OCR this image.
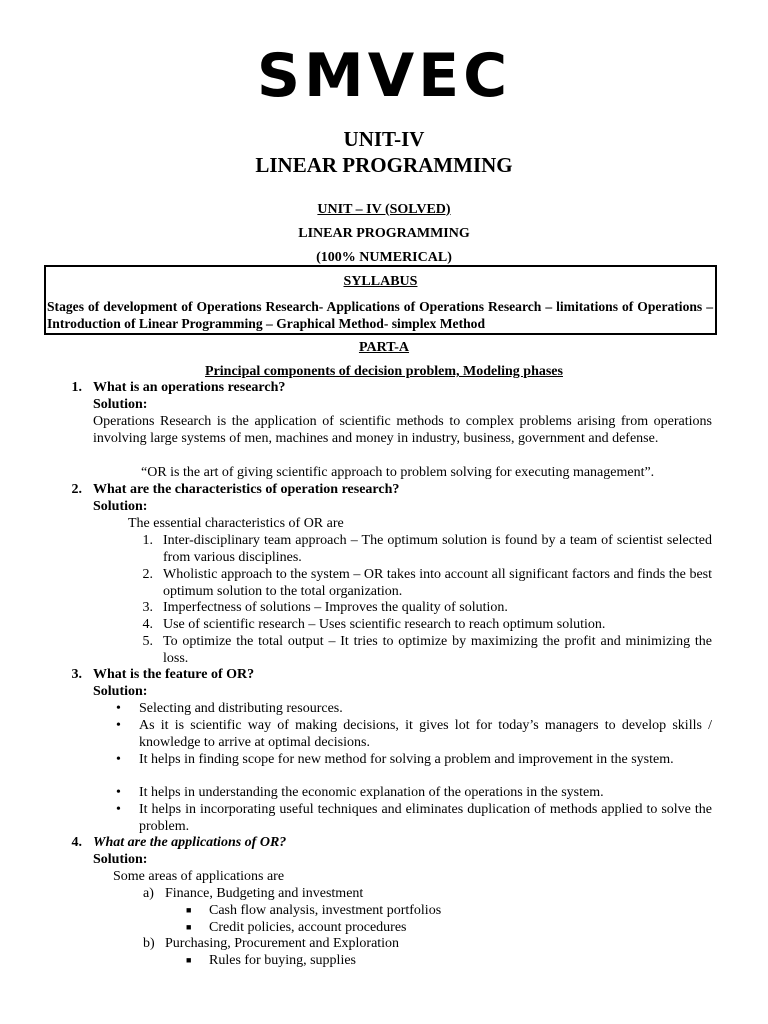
SMVEC
UNIT-IV
LINEAR PROGRAMMING
UNIT – IV (SOLVED)
LINEAR PROGRAMMING
(100% NUMERICAL)
SYLLABUS
Stages of development of Operations Research- Applications of Operations Research – limitations of Operations – Introduction of Linear Programming – Graphical Method- simplex Method
PART-A
Principal components of decision problem, Modeling phases
1. What is an operations research?
Solution:
Operations Research is the application of scientific methods to complex problems arising from operations involving large systems of men, machines and money in industry, business, government and defense.
“OR is the art of giving scientific approach to problem solving for executing management”.
2. What are the characteristics of operation research?
Solution:
The essential characteristics of OR are
1. Inter-disciplinary team approach – The optimum solution is found by a team of scientist selected from various disciplines.
2. Wholistic approach to the system – OR takes into account all significant factors and finds the best optimum solution to the total organization.
3. Imperfectness of solutions – Improves the quality of solution.
4. Use of scientific research – Uses scientific research to reach optimum solution.
5. To optimize the total output – It tries to optimize by maximizing the profit and minimizing the loss.
3. What is the feature of OR?
Solution:
• Selecting and distributing resources.
• As it is scientific way of making decisions, it gives lot for today’s managers to develop skills / knowledge to arrive at optimal decisions.
• It helps in finding scope for new method for solving a problem and improvement in the system.
• It helps in understanding the economic explanation of the operations in the system.
• It helps in incorporating useful techniques and eliminates duplication of methods applied to solve the problem.
4. What are the applications of OR?
Solution:
Some areas of applications are
a) Finance, Budgeting and investment
■ Cash flow analysis, investment portfolios
■ Credit policies, account procedures
b) Purchasing, Procurement and Exploration
■ Rules for buying, supplies
